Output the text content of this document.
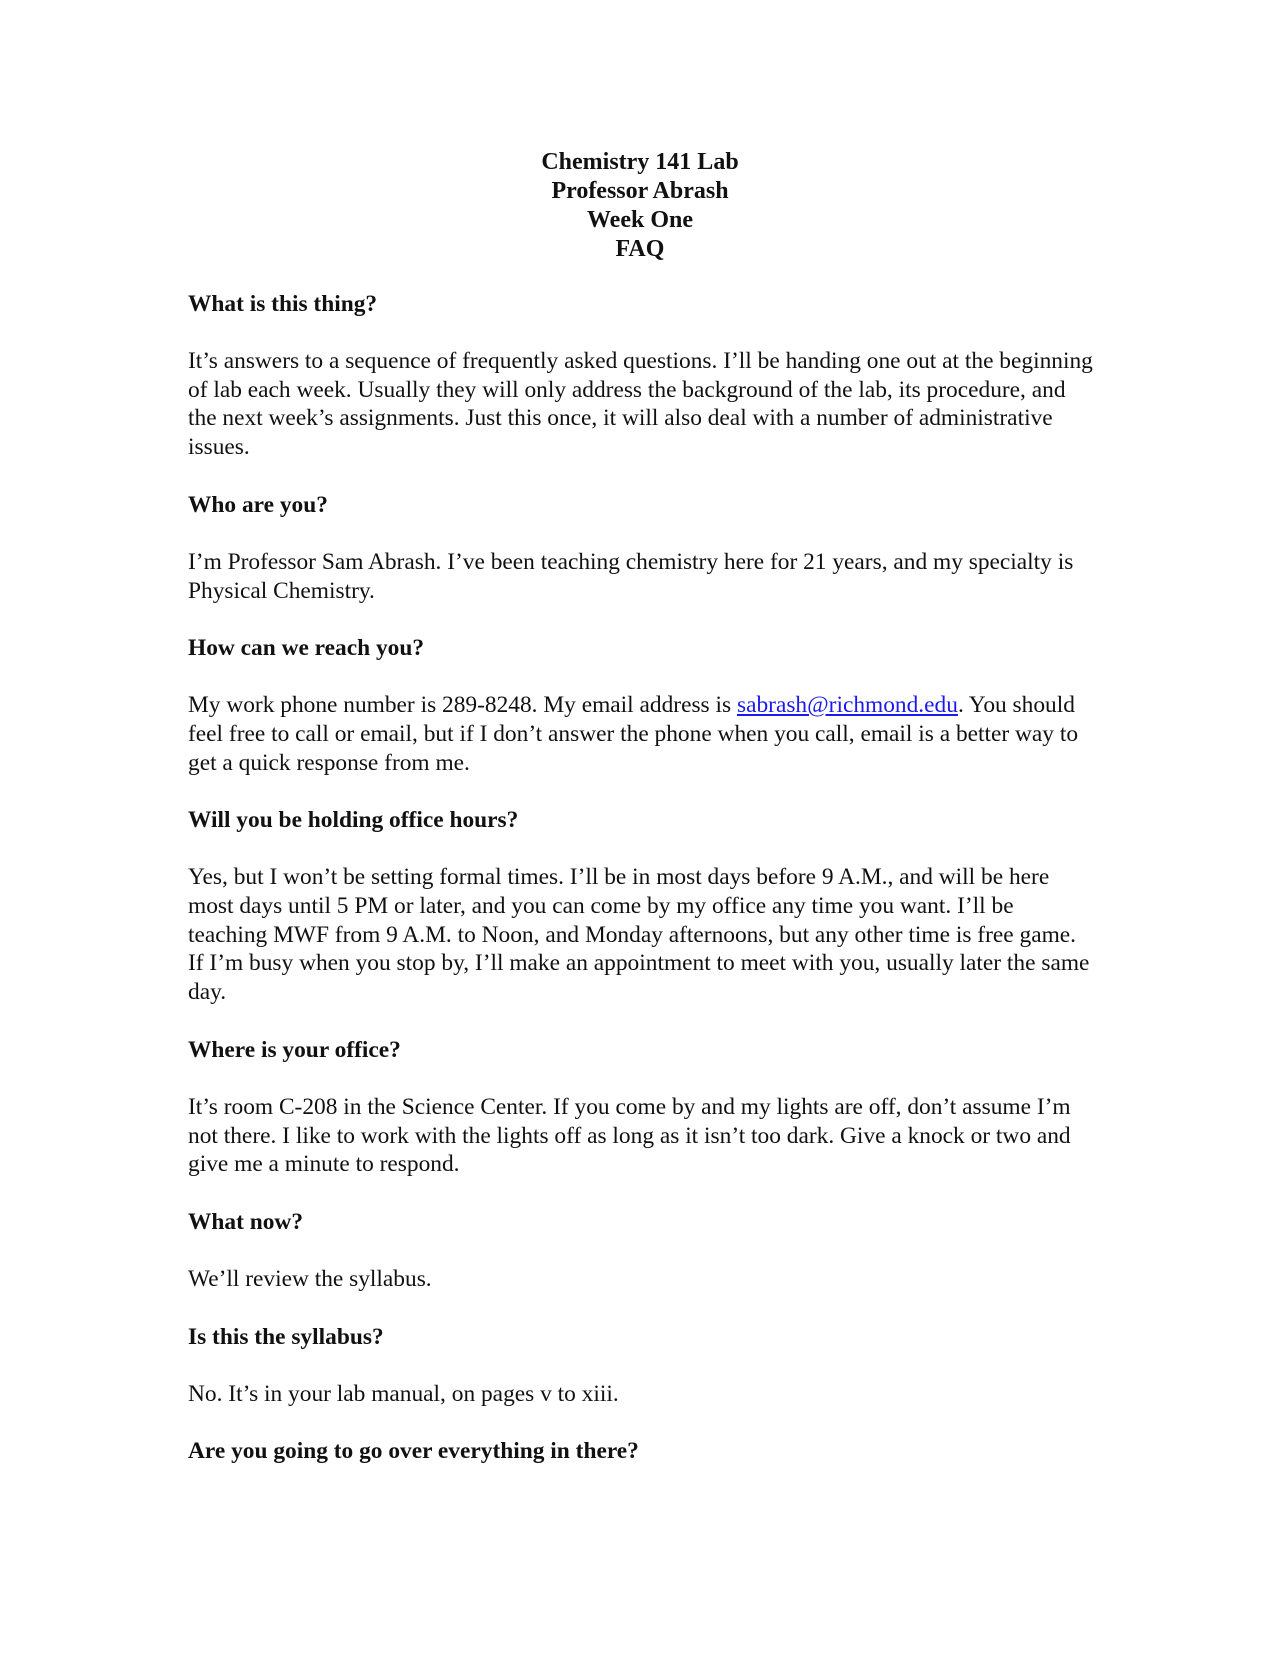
Chemistry 141 Lab
Professor Abrash
Week One
FAQ
What is this thing?

It’s answers to a sequence of frequently asked questions. I’ll be handing one out at the beginning of lab each week. Usually they will only address the background of the lab, its procedure, and the next week’s assignments. Just this once, it will also deal with a number of administrative issues.

Who are you?

I’m Professor Sam Abrash. I’ve been teaching chemistry here for 21 years, and my specialty is Physical Chemistry.

How can we reach you?

My work phone number is 289-8248. My email address is sabrash@richmond.edu. You should feel free to call or email, but if I don’t answer the phone when you call, email is a better way to get a quick response from me.

Will you be holding office hours?

Yes, but I won’t be setting formal times. I’ll be in most days before 9 A.M., and will be here most days until 5 PM or later, and you can come by my office any time you want. I’ll be teaching MWF from 9 A.M. to Noon, and Monday afternoons, but any other time is free game. If I’m busy when you stop by, I’ll make an appointment to meet with you, usually later the same day.

Where is your office?

It’s room C-208 in the Science Center. If you come by and my lights are off, don’t assume I’m not there. I like to work with the lights off as long as it isn’t too dark. Give a knock or two and give me a minute to respond.

What now?

We’ll review the syllabus.

Is this the syllabus?

No. It’s in your lab manual, on pages v to xiii.

Are you going to go over everything in there?
